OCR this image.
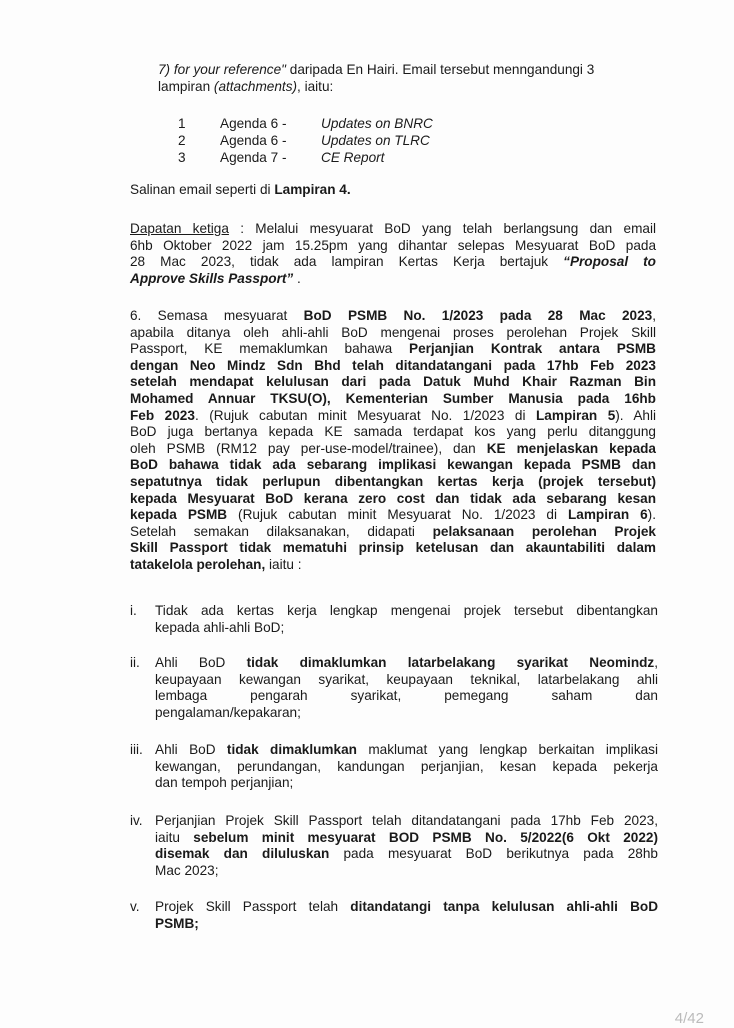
7) for your reference" daripada En Hairi. Email tersebut menngandungi 3
lampiran (attachments), iaitu:
1	Agenda 6 -	Updates on BNRC
2	Agenda 6 -	Updates on TLRC
3	Agenda 7 -	CE Report
Salinan email seperti di Lampiran 4.
Dapatan ketiga : Melalui mesyuarat BoD yang telah berlangsung dan email
6hb Oktober 2022 jam 15.25pm yang dihantar selepas Mesyuarat BoD pada
28 Mac 2023, tidak ada lampiran Kertas Kerja bertajuk “Proposal to
Approve Skills Passport” .
6. Semasa mesyuarat BoD PSMB No. 1/2023 pada 28 Mac 2023,
apabila ditanya oleh ahli-ahli BoD mengenai proses perolehan Projek Skill
Passport, KE memaklumkan bahawa Perjanjian Kontrak antara PSMB
dengan Neo Mindz Sdn Bhd telah ditandatangani pada 17hb Feb 2023
setelah mendapat kelulusan dari pada Datuk Muhd Khair Razman Bin
Mohamed Annuar TKSU(O), Kementerian Sumber Manusia pada 16hb
Feb 2023. (Rujuk cabutan minit Mesyuarat No. 1/2023 di Lampiran 5). Ahli
BoD juga bertanya kepada KE samada terdapat kos yang perlu ditanggung
oleh PSMB (RM12 pay per-use-model/trainee), dan KE menjelaskan kepada
BoD bahawa tidak ada sebarang implikasi kewangan kepada PSMB dan
sepatutnya tidak perlupun dibentangkan kertas kerja (projek tersebut)
kepada Mesyuarat BoD kerana zero cost dan tidak ada sebarang kesan
kepada PSMB (Rujuk cabutan minit Mesyuarat No. 1/2023 di Lampiran 6).
Setelah semakan dilaksanakan, didapati pelaksanaan perolehan Projek
Skill Passport tidak mematuhi prinsip ketelusan dan akauntabiliti dalam
tatakelola perolehan, iaitu :
i.	Tidak ada kertas kerja lengkap mengenai projek tersebut dibentangkan
kepada ahli-ahli BoD;
ii.	Ahli BoD tidak dimaklumkan latarbelakang syarikat Neomindz,
keupayaan kewangan syarikat, keupayaan teknikal, latarbelakang ahli
lembaga pengarah syarikat, pemegang saham dan
pengalaman/kepakaran;
iii. Ahli BoD tidak dimaklumkan maklumat yang lengkap berkaitan implikasi
kewangan, perundangan, kandungan perjanjian, kesan kepada pekerja
dan tempoh perjanjian;
iv. Perjanjian Projek Skill Passport telah ditandatangani pada 17hb Feb 2023,
iaitu sebelum minit mesyuarat BOD PSMB No. 5/2022(6 Okt 2022)
disemak dan diluluskan pada mesyuarat BoD berikutnya pada 28hb
Mac 2023;
v.	Projek Skill Passport telah ditandatangi tanpa kelulusan ahli-ahli BoD
PSMB;
4/42
